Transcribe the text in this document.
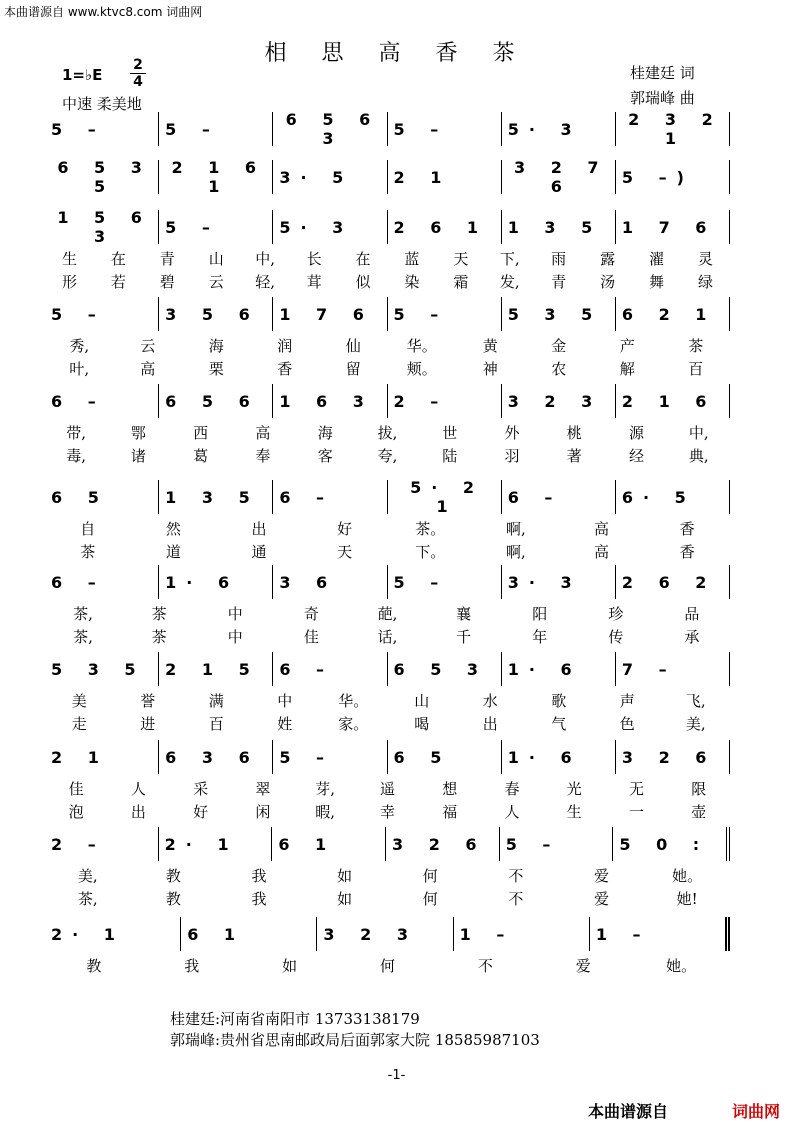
本曲谱源自 www.ktvc8.com 词曲网
相 思 高 香 茶
1=♭E
2
4
中速 柔美地
桂建廷 词
郭瑞峰 曲
5 –	5 –	6 5 6 3	5 –	5· 3	2 3 2 1
6 5 3 5
2 1 6 1	3· 5	2 1	3 2 7 6	5 –)
1 5 6 3	5 –	5· 3	2 6 1 1 3 5 1 7 6
生	在	青	山	中,	长	在	蓝	天	下,	雨	露	濯	灵
形	若	碧	云	轻,	茸	似	染	霜	发,	青	汤	舞	绿
5 –	3 5 6 1 7 6 5 –	5 3 5 6 2 1
秀,	云	海	润	仙	华。	黄	金	产	茶
叶,	高	栗	香	留	颊。	神	农	解	百
6 –	6 5 6 1 6 3 2 –	3 2 3 2 1 6
带,	鄂	西	高	海	拔,	世	外	桃	源	中,
毒,	诸	葛	奉	客	夸,	陆	羽	著	经	典,
6 5	1 3 5 6 –	5· 2 1	6 –	6· 5
自	然	出	好	茶。	啊,	高	香
茶	道	通	天	下。	啊,	高	香
6 –	1· 6	3 6	5 –	3· 3	2 6 2
茶,	茶	中	奇	葩,	襄	阳	珍	品
茶,	茶	中	佳	话,	千	年	传	承
5 3 5 2 1 5 6 –	6 5 3 1· 6	7 –
美	誉	满	中	华。	山	水	歌	声	飞,
走	进	百	姓	家。	喝	出	气	色	美,
2 1	6 3 6 5 –	6 5	1· 6	3 2 6
佳	人	采	翠	芽,	遥	想	春	光	无	限
泡	出	好	闲	暇,	幸	福	人	生	一	壶
2 –	2· 1 6 1	3 2 6 5 –	5 0 :
美,	教	我	如	何	不	爱	她。
茶,	教	我	如	何	不	爱	她!
2· 1	6 1	3 2 3	1 –	1 –
教	我	如	何	不	爱	她。
桂建廷:河南省南阳市 13733138179
郭瑞峰:贵州省思南邮政局后面郭家大院 18585987103
-1-
本曲谱源自	词曲网
